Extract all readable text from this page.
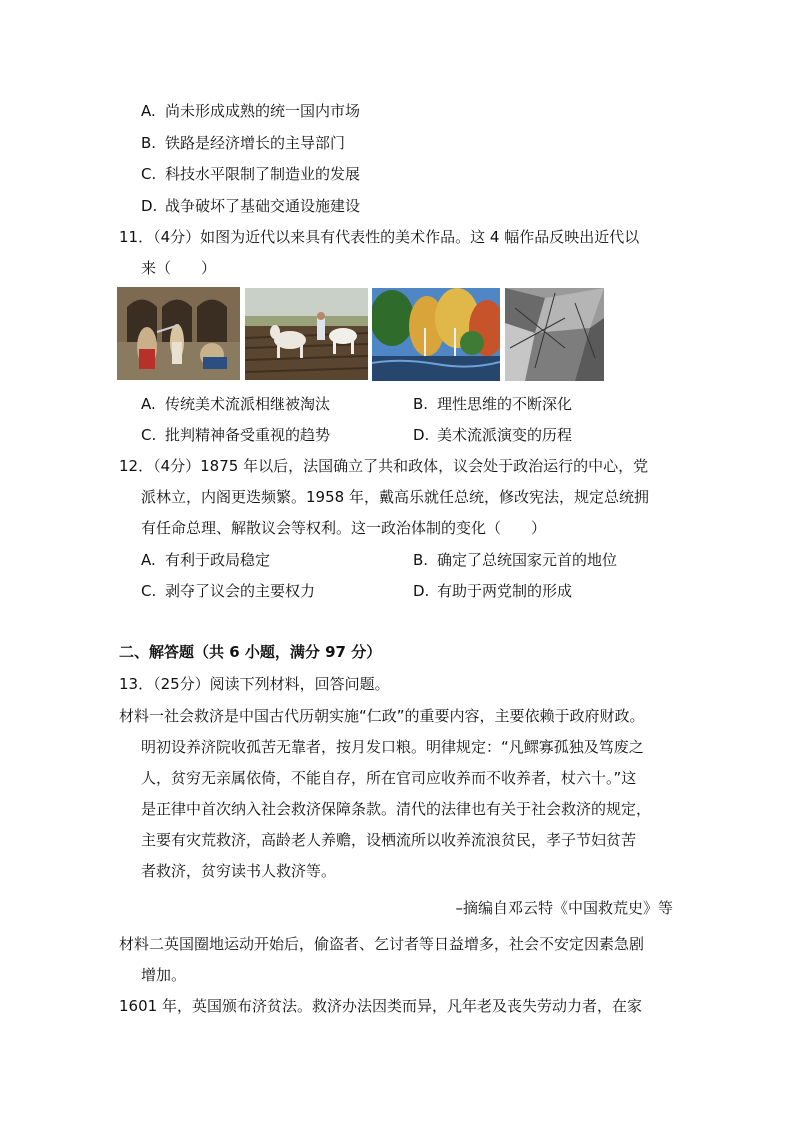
A. 尚未形成成熟的统一国内市场
B. 铁路是经济增长的主导部门
C. 科技水平限制了制造业的发展
D. 战争破坏了基础交通设施建设
11．（4分）如图为近代以来具有代表性的美术作品。这 4 幅作品反映出近代以
来（　　）
A. 传统美术流派相继被淘汰	B. 理性思维的不断深化
C. 批判精神备受重视的趋势	D. 美术流派演变的历程
12．（4分）1875 年以后，法国确立了共和政体，议会处于政治运行的中心，党
派林立，内阁更迭频繁。1958 年，戴高乐就任总统，修改宪法，规定总统拥
有任命总理、解散议会等权利。这一政治体制的变化（　　）
A. 有利于政局稳定	B. 确定了总统国家元首的地位
C. 剥夺了议会的主要权力	D. 有助于两党制的形成
二、解答题（共 6 小题，满分 97 分）
13．（25分）阅读下列材料，回答问题。
材料一社会救济是中国古代历朝实施“仁政”的重要内容，主要依赖于政府财政。
明初设养济院收孤苦无靠者，按月发口粮。明律规定：“凡鳏寡孤独及笃废之
人，贫穷无亲属依倚，不能自存，所在官司应收养而不收养者，杖六十。”这
是正律中首次纳入社会救济保障条款。清代的法律也有关于社会救济的规定，
主要有灾荒救济，高龄老人养赡，设栖流所以收养流浪贫民，孝子节妇贫苦
者救济，贫穷读书人救济等。
–摘编自邓云特《中国救荒史》等
材料二英国圈地运动开始后，偷盗者、乞讨者等日益增多，社会不安定因素急剧
增加。
1601 年，英国颁布济贫法。救济办法因类而异，凡年老及丧失劳动力者，在家
